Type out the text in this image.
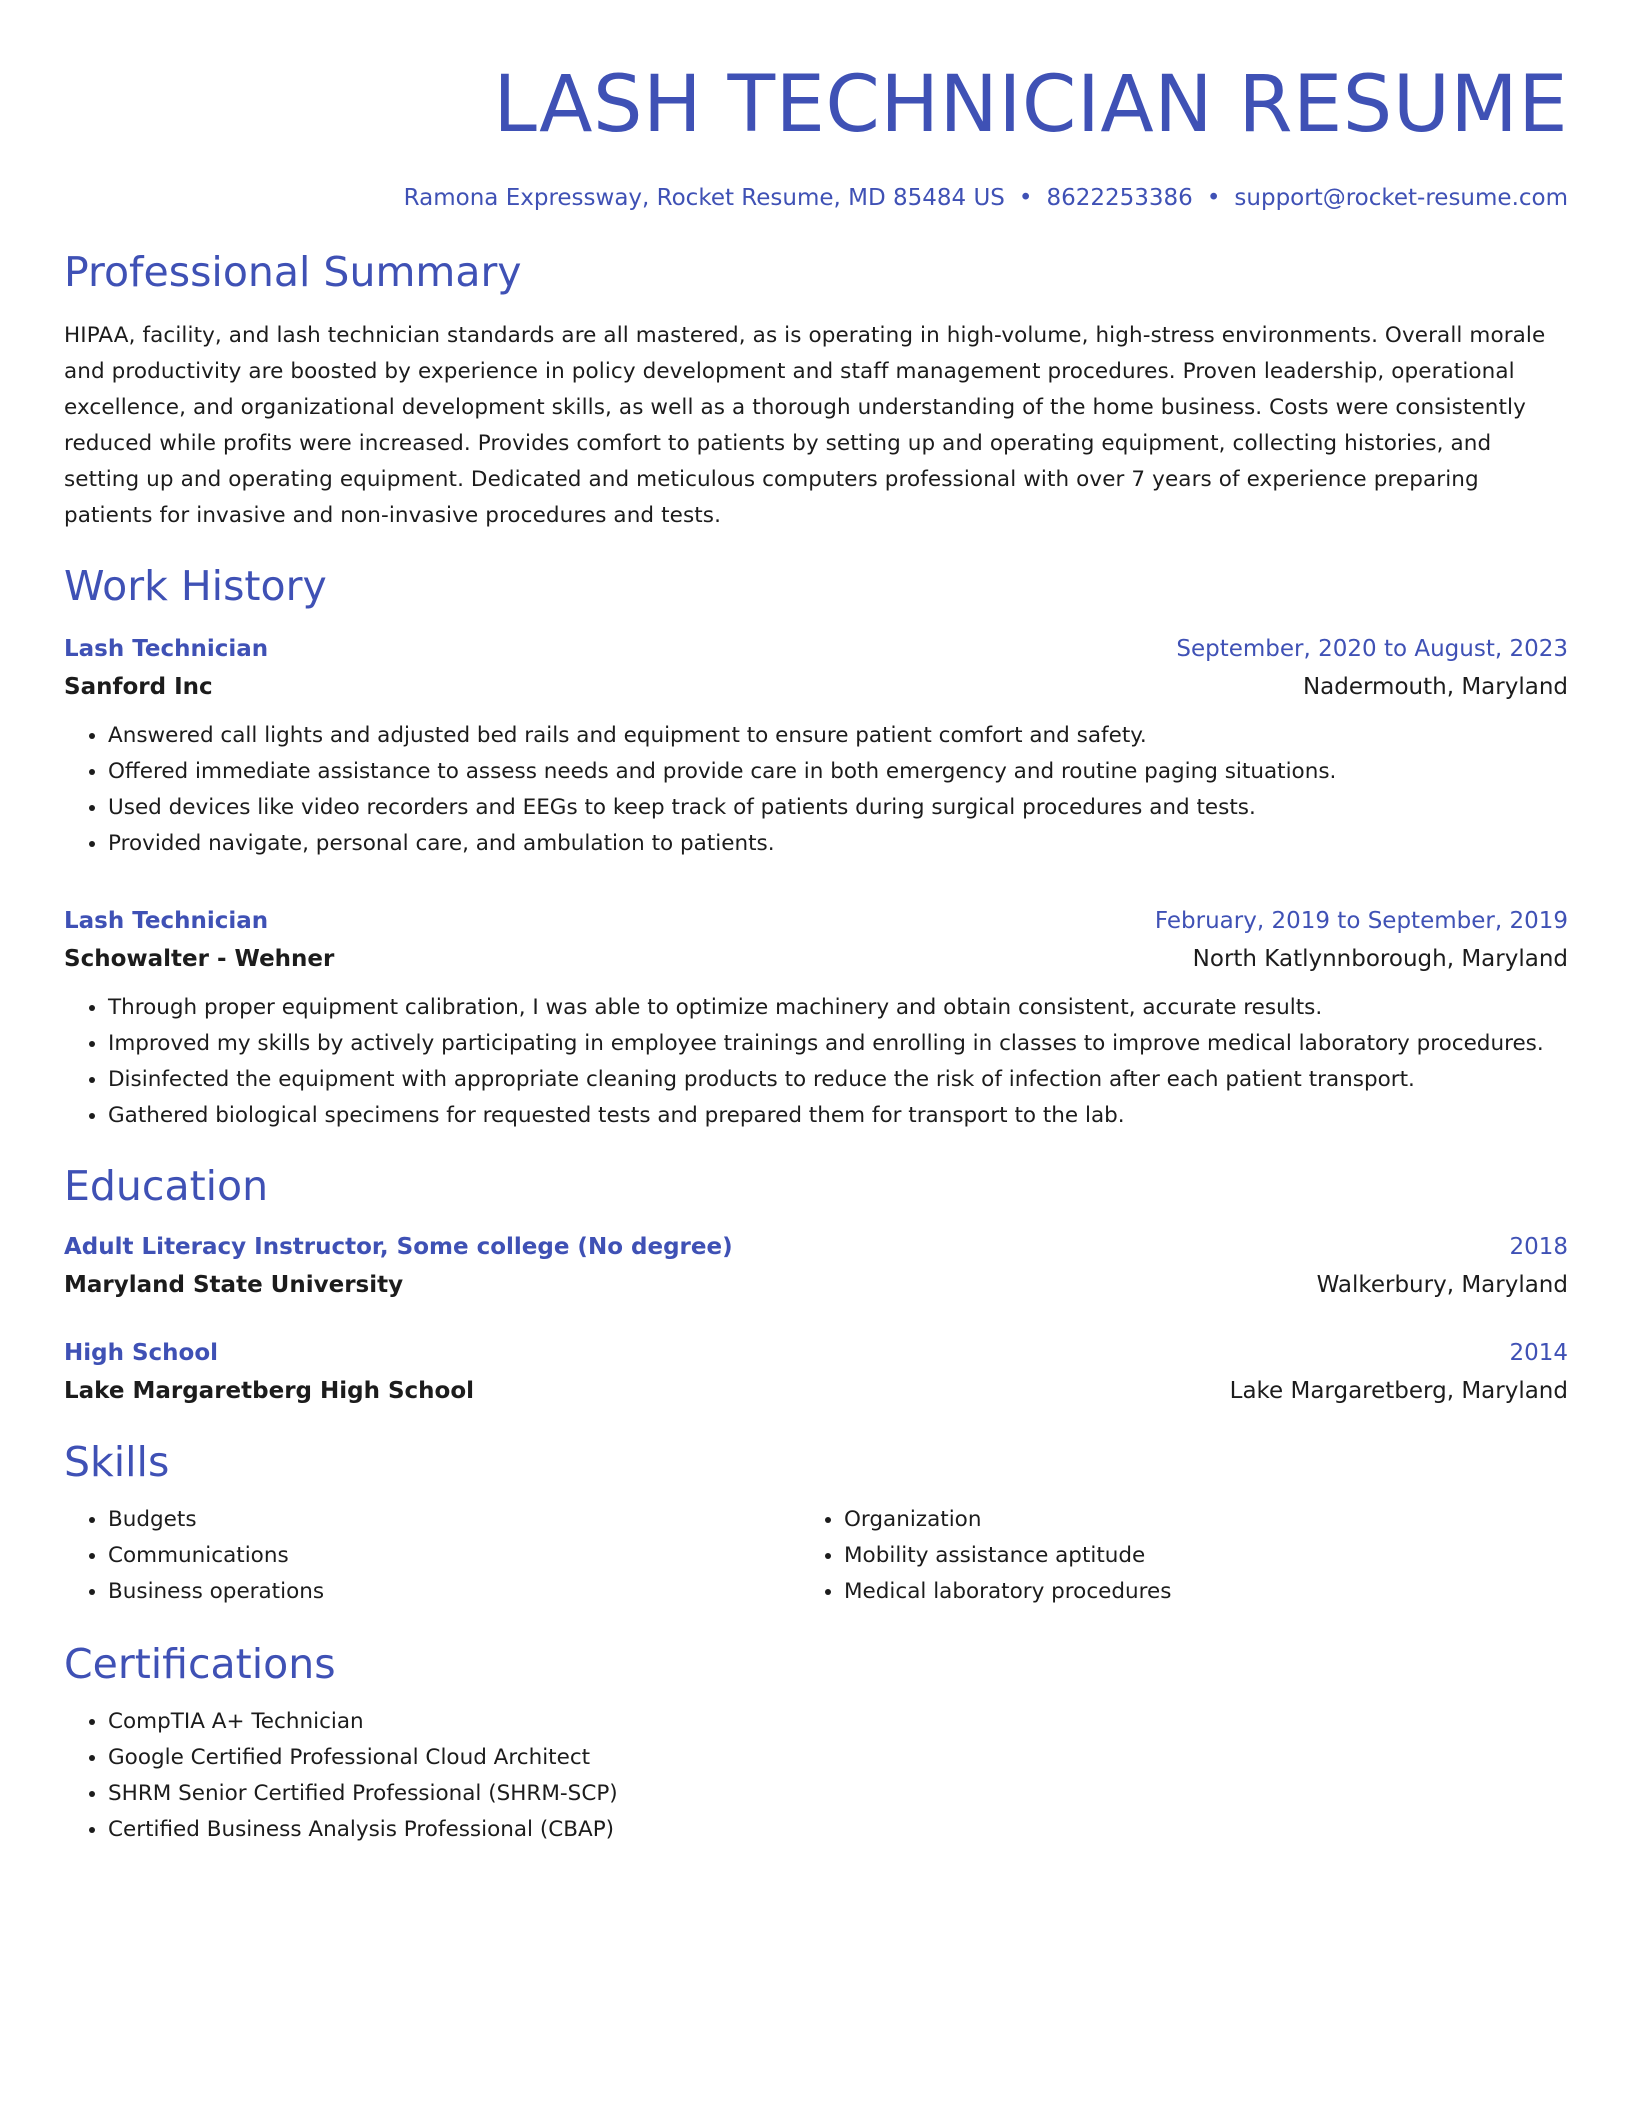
LASH TECHNICIAN RESUME
Ramona Expressway, Rocket Resume, MD 85484 US • 8622253386 • support@rocket-resume.com
Professional Summary

HIPAA, facility, and lash technician standards are all mastered, as is operating in high-volume, high-stress environments. Overall morale and productivity are boosted by experience in policy development and staff management procedures. Proven leadership, operational excellence, and organizational development skills, as well as a thorough understanding of the home business. Costs were consistently reduced while profits were increased. Provides comfort to patients by setting up and operating equipment, collecting histories, and setting up and operating equipment. Dedicated and meticulous computers professional with over 7 years of experience preparing patients for invasive and non-invasive procedures and tests.

Work History
Lash Technician	September, 2020 to August, 2023
Sanford Inc	Nadermouth, Maryland
• Answered call lights and adjusted bed rails and equipment to ensure patient comfort and safety.
• Offered immediate assistance to assess needs and provide care in both emergency and routine paging situations.
• Used devices like video recorders and EEGs to keep track of patients during surgical procedures and tests.
• Provided navigate, personal care, and ambulation to patients.
Lash Technician	February, 2019 to September, 2019
Schowalter - Wehner	North Katlynnborough, Maryland
• Through proper equipment calibration, I was able to optimize machinery and obtain consistent, accurate results.
• Improved my skills by actively participating in employee trainings and enrolling in classes to improve medical laboratory procedures.
• Disinfected the equipment with appropriate cleaning products to reduce the risk of infection after each patient transport.
• Gathered biological specimens for requested tests and prepared them for transport to the lab.
Education
Adult Literacy Instructor, Some college (No degree)	2018
Maryland State University	Walkerbury, Maryland
High School	2014
Lake Margaretberg High School	Lake Margaretberg, Maryland
Skills
• Budgets
• Communications
• Business operations
• Organization
• Mobility assistance aptitude
• Medical laboratory procedures
Certifications
• CompTIA A+ Technician
• Google Certified Professional Cloud Architect
• SHRM Senior Certified Professional (SHRM-SCP)
• Certified Business Analysis Professional (CBAP)
